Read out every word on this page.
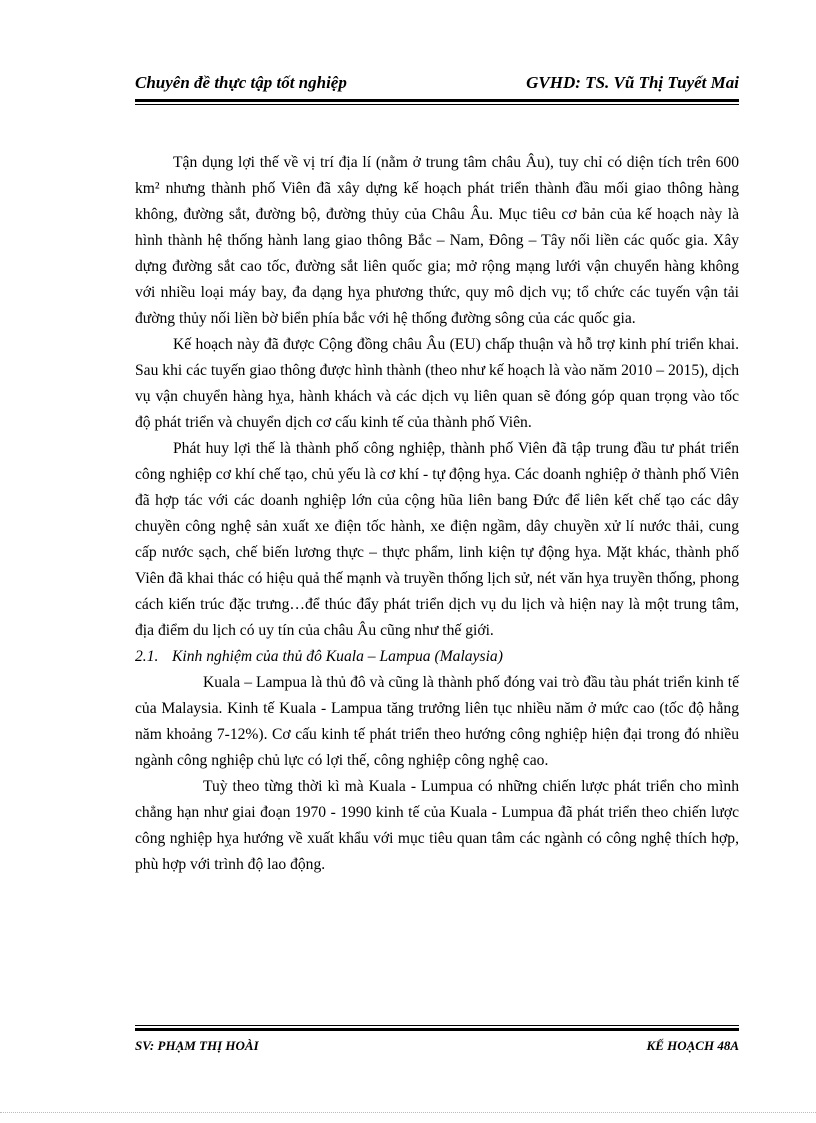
Chuyên đề thực tập tốt nghiệp	GVHD: TS. Vũ Thị Tuyết Mai

Tận dụng lợi thế về vị trí địa lí (nằm ở trung tâm châu Âu), tuy chỉ có diện tích trên 600 km² nhưng thành phố Viên đã xây dựng kế hoạch phát triển thành đầu mối giao thông hàng không, đường sắt, đường bộ, đường thủy của Châu Âu. Mục tiêu cơ bản của kế hoạch này là hình thành hệ thống hành lang giao thông Bắc – Nam, Đông – Tây nối liền các quốc gia. Xây dựng đường sắt cao tốc, đường sắt liên quốc gia; mở rộng mạng lưới vận chuyển hàng không với nhiều loại máy bay, đa dạng hỵa phương thức, quy mô dịch vụ; tổ chức các tuyến vận tải đường thủy nối liền bờ biển phía bắc với hệ thống đường sông của các quốc gia.

Kế hoạch này đã được Cộng đồng châu Âu (EU) chấp thuận và hỗ trợ kinh phí triển khai. Sau khi các tuyến giao thông được hình thành (theo như kế hoạch là vào năm 2010 – 2015), dịch vụ vận chuyển hàng hỵa, hành khách và các dịch vụ liên quan sẽ đóng góp quan trọng vào tốc độ phát triển và chuyển dịch cơ cấu kinh tế của thành phố Viên.

Phát huy lợi thế là thành phố công nghiệp, thành phố Viên đã tập trung đầu tư phát triển công nghiệp cơ khí chế tạo, chủ yếu là cơ khí - tự động hỵa. Các doanh nghiệp ở thành phố Viên đã hợp tác với các doanh nghiệp lớn của cộng hũa liên bang Đức để liên kết chế tạo các dây chuyền công nghệ sản xuất xe điện tốc hành, xe điện ngầm, dây chuyền xử lí nước thải, cung cấp nước sạch, chế biến lương thực – thực phẩm, linh kiện tự động hỵa. Mặt khác, thành phố Viên đã khai thác có hiệu quả thế mạnh và truyền thống lịch sử, nét văn hỵa truyền thống, phong cách kiến trúc đặc trưng…để thúc đẩy phát triển dịch vụ du lịch và hiện nay là một trung tâm, địa điểm du lịch có uy tín của châu Âu cũng như thế giới.

2.1. Kinh nghiệm của thủ đô Kuala – Lampua (Malaysia)

Kuala – Lampua là thủ đô và cũng là thành phố đóng vai trò đầu tàu phát triển kinh tế của Malaysia. Kinh tế Kuala - Lampua tăng trưởng liên tục nhiều năm ở mức cao (tốc độ hằng năm khoảng 7-12%). Cơ cấu kinh tế phát triển theo hướng công nghiệp hiện đại trong đó nhiều ngành công nghiệp chủ lực có lợi thế, công nghiệp công nghệ cao.

Tuỳ theo từng thời kì mà Kuala - Lumpua có những chiến lược phát triển cho mình chẳng hạn như giai đoạn 1970 - 1990 kinh tế của Kuala - Lumpua đã phát triển theo chiến lược công nghiệp hỵa hướng về xuất khẩu với mục tiêu quan tâm các ngành có công nghệ thích hợp, phù hợp với trình độ lao động.

SV: PHẠM THỊ HOÀI	KẾ HOẠCH 48A
